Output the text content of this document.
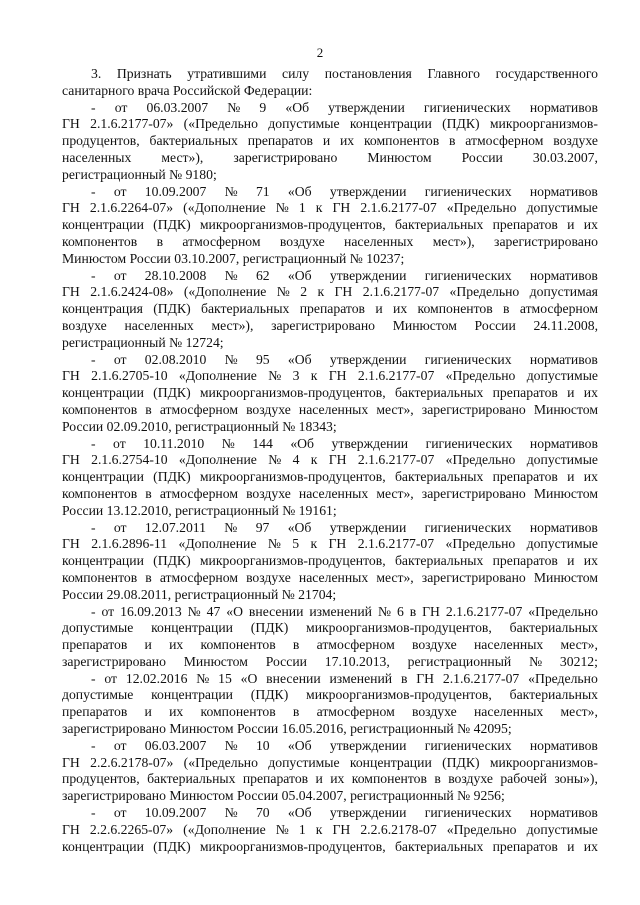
2
3. Признать утратившими силу постановления Главного государственного
санитарного врача Российской Федерации:
- от 06.03.2007 № 9 «Об утверждении гигиенических нормативов
ГН 2.1.6.2177-07» («Предельно допустимые концентрации (ПДК) микроорганизмов-
продуцентов, бактериальных препаратов и их компонентов в атмосферном воздухе
населенных мест»), зарегистрировано Минюстом России 30.03.2007,
регистрационный № 9180;
- от 10.09.2007 № 71 «Об утверждении гигиенических нормативов
ГН 2.1.6.2264-07» («Дополнение № 1 к ГН 2.1.6.2177-07 «Предельно допустимые
концентрации (ПДК) микроорганизмов-продуцентов, бактериальных препаратов и их
компонентов в атмосферном воздухе населенных мест»), зарегистрировано
Минюстом России 03.10.2007, регистрационный № 10237;
- от 28.10.2008 № 62 «Об утверждении гигиенических нормативов
ГН 2.1.6.2424-08» («Дополнение № 2 к ГН 2.1.6.2177-07 «Предельно допустимая
концентрация (ПДК) бактериальных препаратов и их компонентов в атмосферном
воздухе населенных мест»), зарегистрировано Минюстом России 24.11.2008,
регистрационный № 12724;
- от 02.08.2010 № 95 «Об утверждении гигиенических нормативов
ГН 2.1.6.2705-10 «Дополнение № 3 к ГН 2.1.6.2177-07 «Предельно допустимые
концентрации (ПДК) микроорганизмов-продуцентов, бактериальных препаратов и их
компонентов в атмосферном воздухе населенных мест», зарегистрировано Минюстом
России 02.09.2010, регистрационный № 18343;
- от 10.11.2010 № 144 «Об утверждении гигиенических нормативов
ГН 2.1.6.2754-10 «Дополнение № 4 к ГН 2.1.6.2177-07 «Предельно допустимые
концентрации (ПДК) микроорганизмов-продуцентов, бактериальных препаратов и их
компонентов в атмосферном воздухе населенных мест», зарегистрировано Минюстом
России 13.12.2010, регистрационный № 19161;
- от 12.07.2011 № 97 «Об утверждении гигиенических нормативов
ГН 2.1.6.2896-11 «Дополнение № 5 к ГН 2.1.6.2177-07 «Предельно допустимые
концентрации (ПДК) микроорганизмов-продуцентов, бактериальных препаратов и их
компонентов в атмосферном воздухе населенных мест», зарегистрировано Минюстом
России 29.08.2011, регистрационный № 21704;
- от 16.09.2013 № 47 «О внесении изменений № 6 в ГН 2.1.6.2177-07 «Предельно
допустимые концентрации (ПДК) микроорганизмов-продуцентов, бактериальных
препаратов и их компонентов в атмосферном воздухе населенных мест»,
зарегистрировано Минюстом России 17.10.2013, регистрационный № 30212;
- от 12.02.2016 № 15 «О внесении изменений в ГН 2.1.6.2177-07 «Предельно
допустимые концентрации (ПДК) микроорганизмов-продуцентов, бактериальных
препаратов и их компонентов в атмосферном воздухе населенных мест»,
зарегистрировано Минюстом России 16.05.2016, регистрационный № 42095;
- от 06.03.2007 № 10 «Об утверждении гигиенических нормативов
ГН 2.2.6.2178-07» («Предельно допустимые концентрации (ПДК) микроорганизмов-
продуцентов, бактериальных препаратов и их компонентов в воздухе рабочей зоны»),
зарегистрировано Минюстом России 05.04.2007, регистрационный № 9256;
- от 10.09.2007 № 70 «Об утверждении гигиенических нормативов
ГН 2.2.6.2265-07» («Дополнение № 1 к ГН 2.2.6.2178-07 «Предельно допустимые
концентрации (ПДК) микроорганизмов-продуцентов, бактериальных препаратов и их
